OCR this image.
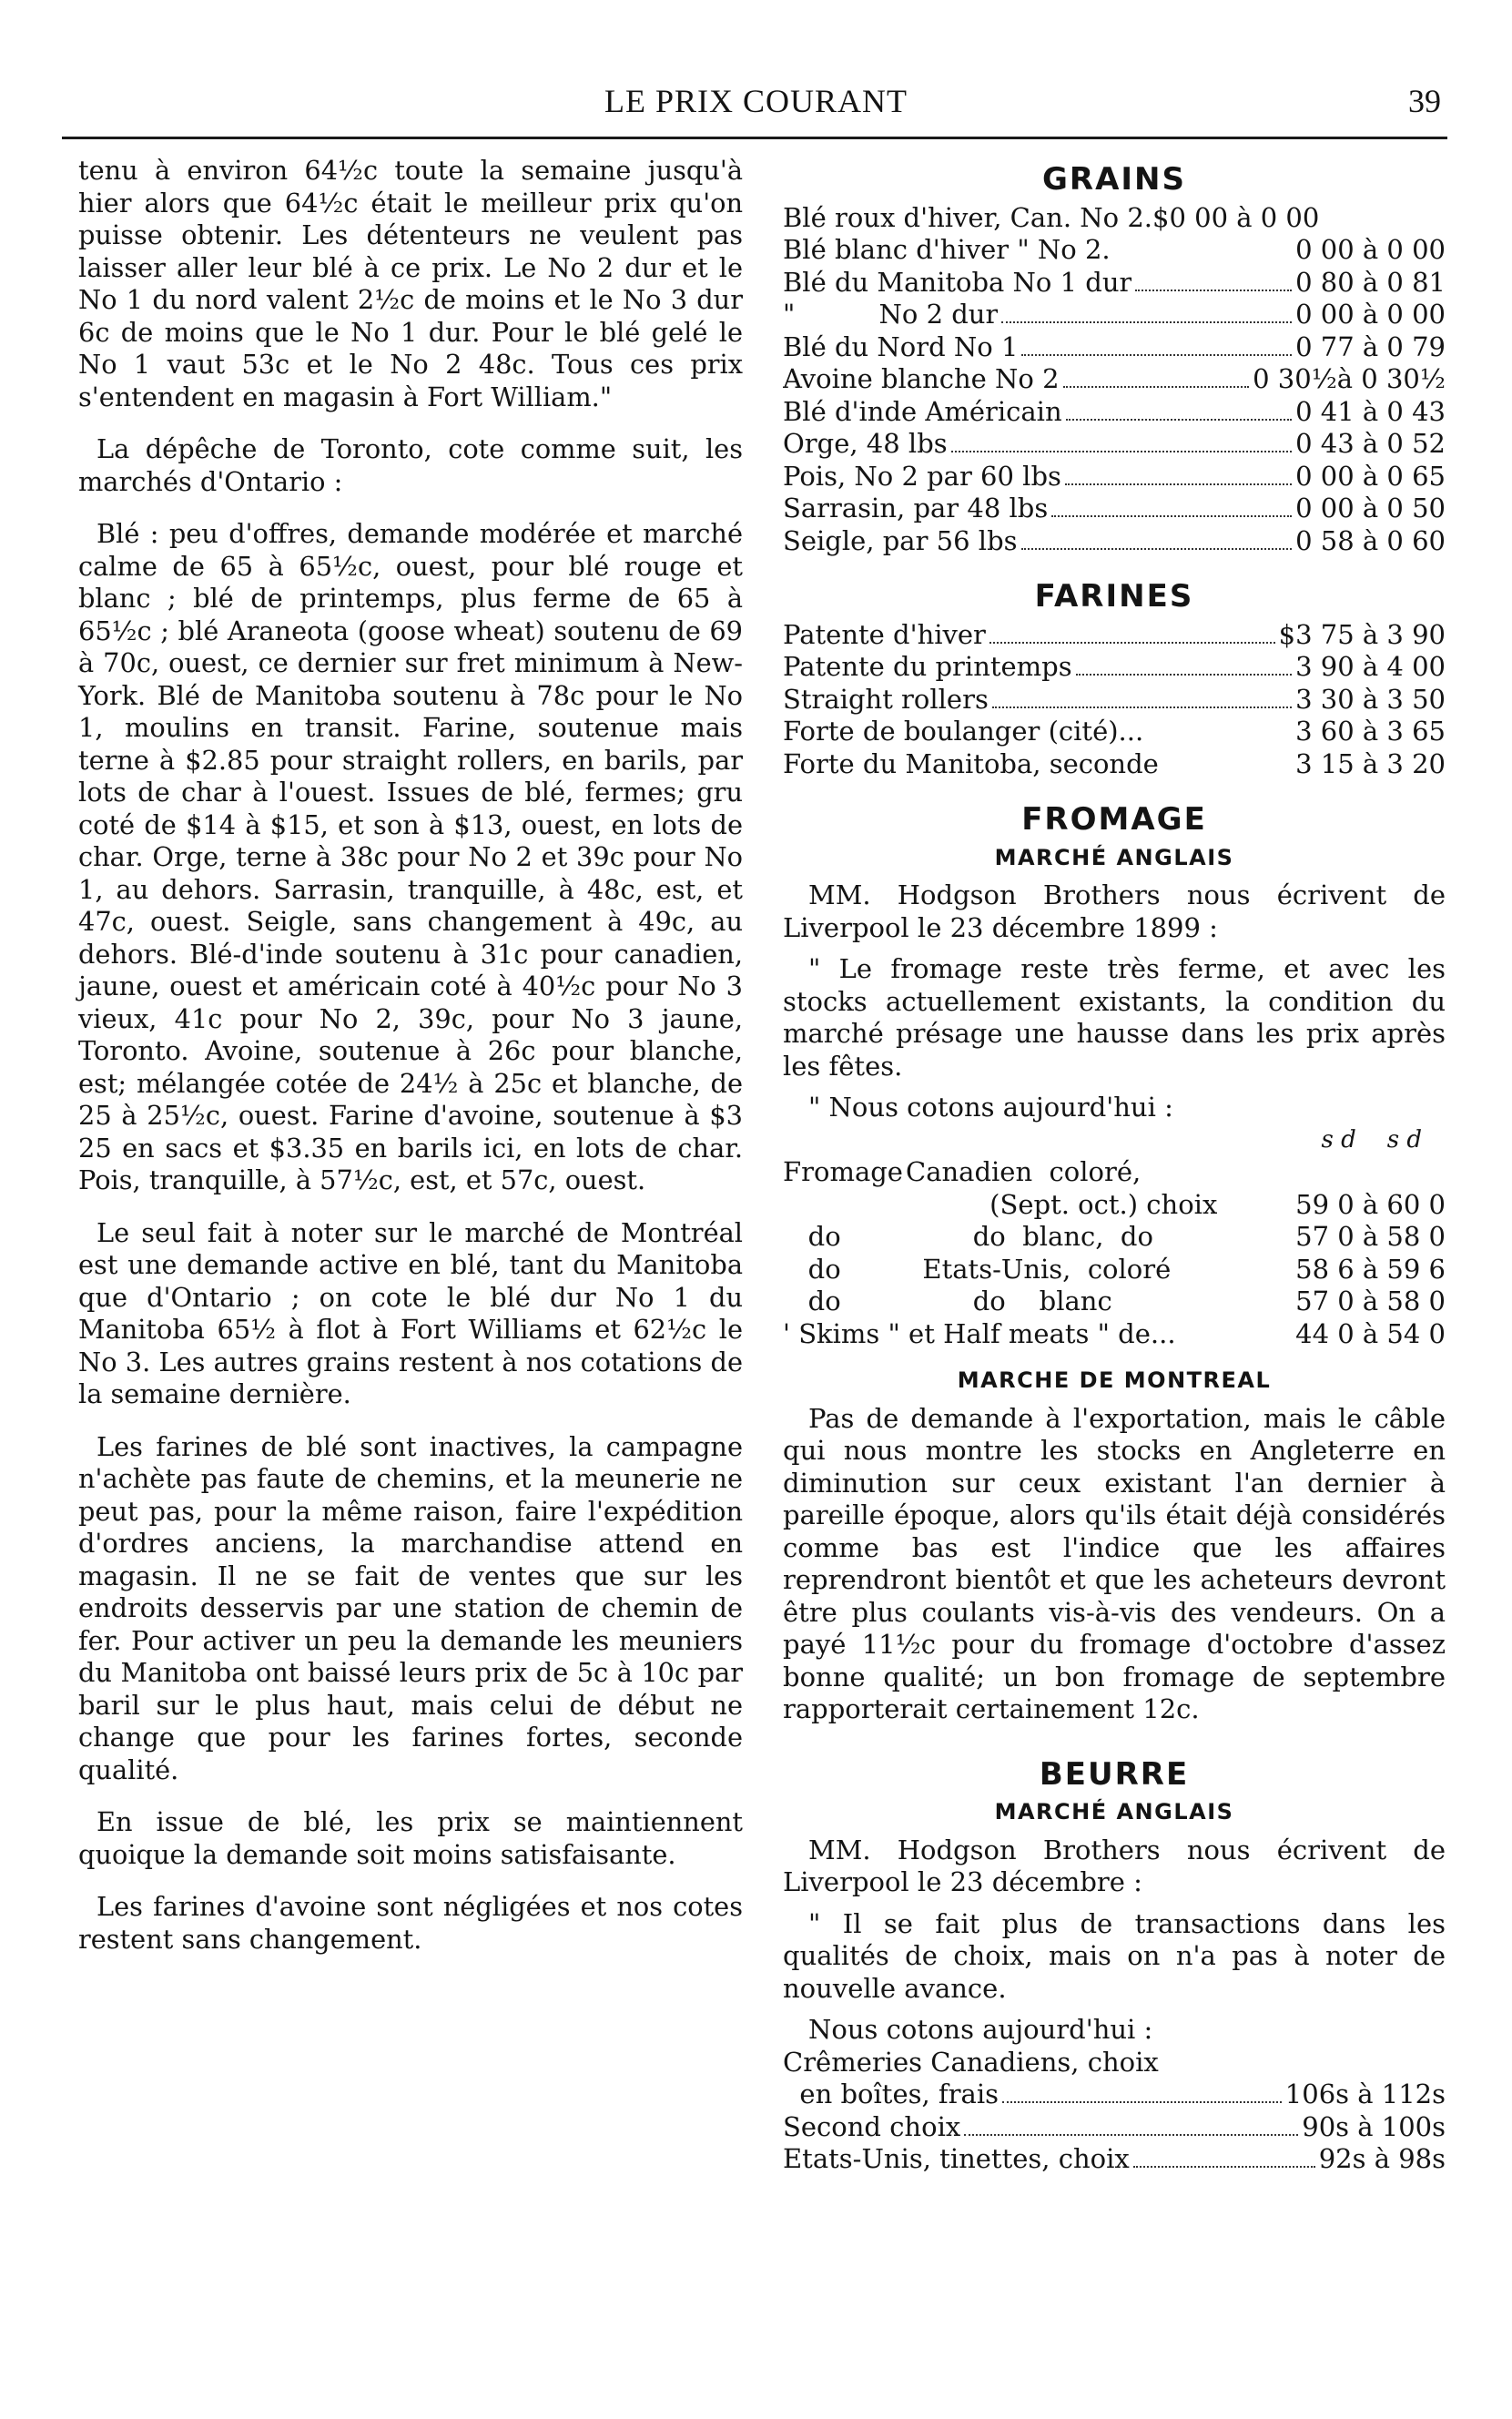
LE PRIX COURANT	39

tenu à environ 64½c toute la semaine jusqu'à hier alors que 64½c était le meilleur prix qu'on puisse obtenir. Les détenteurs ne veulent pas laisser aller leur blé à ce prix. Le No 2 dur et le No 1 du nord valent 2½c de moins et le No 3 dur 6c de moins que le No 1 dur. Pour le blé gelé le No 1 vaut 53c et le No 2 48c. Tous ces prix s'entendent en magasin à Fort William."

La dépêche de Toronto, cote comme suit, les marchés d'Ontario :

Blé : peu d'offres, demande modérée et marché calme de 65 à 65½c, ouest, pour blé rouge et blanc ; blé de printemps, plus ferme de 65 à 65½c ; blé Araneota (goose wheat) soutenu de 69 à 70c, ouest, ce dernier sur fret minimum à New-York. Blé de Manitoba soutenu à 78c pour le No 1, moulins en transit. Farine, soutenue mais terne à $2.85 pour straight rollers, en barils, par lots de char à l'ouest. Issues de blé, fermes; gru coté de $14 à $15, et son à $13, ouest, en lots de char. Orge, terne à 38c pour No 2 et 39c pour No 1, au dehors. Sarrasin, tranquille, à 48c, est, et 47c, ouest. Seigle, sans changement à 49c, au dehors. Blé-d'inde soutenu à 31c pour canadien, jaune, ouest et américain coté à 40½c pour No 3 vieux, 41c pour No 2, 39c, pour No 3 jaune, Toronto. Avoine, soutenue à 26c pour blanche, est; mélangée cotée de 24½ à 25c et blanche, de 25 à 25½c, ouest. Farine d'avoine, soutenue à $3 25 en sacs et $3.35 en barils ici, en lots de char. Pois, tranquille, à 57½c, est, et 57c, ouest.

Le seul fait à noter sur le marché de Montréal est une demande active en blé, tant du Manitoba que d'Ontario ; on cote le blé dur No 1 du Manitoba 65½ à flot à Fort Williams et 62½c le No 3. Les autres grains restent à nos cotations de la semaine dernière.

Les farines de blé sont inactives, la campagne n'achète pas faute de chemins, et la meunerie ne peut pas, pour la même raison, faire l'expédition d'ordres anciens, la marchandise attend en magasin. Il ne se fait de ventes que sur les endroits desservis par une station de chemin de fer. Pour activer un peu la demande les meuniers du Manitoba ont baissé leurs prix de 5c à 10c par baril sur le plus haut, mais celui de début ne change que pour les farines fortes, seconde qualité.

En issue de blé, les prix se maintiennent quoique la demande soit moins satisfaisante.

Les farines d'avoine sont négligées et nos cotes restent sans changement.

GRAINS
Blé roux d'hiver, Can. No 2. $0 00 à 0 00
Blé blanc d'hiver " No 2.	0 00 à 0 00
Blé du Manitoba No 1 dur	0 80 à 0 81
"          No 2 dur	0 00 à 0 00
Blé du Nord No 1	0 77 à 0 79
Avoine blanche No 2	0 30½à 0 30½
Blé d'inde Américain	0 41 à 0 43
Orge, 48 lbs	0 43 à 0 52
Pois, No 2 par 60 lbs	0 00 à 0 65
Sarrasin, par 48 lbs	0 00 à 0 50
Seigle, par 56 lbs	0 58 à 0 60
FARINES
Patente d'hiver	$3 75 à 3 90
Patente du printemps	3 90 à 4 00
Straight rollers	3 30 à 3 50
Forte de boulanger (cité)...	3 60 à 3 65
Forte du Manitoba, seconde	3 15 à 3 20
FROMAGE
MARCHÉ ANGLAIS
MM. Hodgson Brothers nous écrivent de Liverpool le 23 décembre 1899 :
" Le fromage reste très ferme, et avec les stocks actuellement existants, la condition du marché présage une hausse dans les prix après les fêtes.
" Nous cotons aujourd'hui :
s d s d
Fromage Canadien  coloré,
(Sept. oct.) choix	59 0 à 60 0
do	do  blanc,  do	57 0 à 58 0
do	Etats-Unis,  coloré	58 6 à 59 6
do	do    blanc	57 0 à 58 0
' Skims " et Half meats " de...	44 0 à 54 0
MARCHE DE MONTREAL
Pas de demande à l'exportation, mais le câble qui nous montre les stocks en Angleterre en diminution sur ceux existant l'an dernier à pareille époque, alors qu'ils était déjà considérés comme bas est l'indice que les affaires reprendront bientôt et que les acheteurs devront être plus coulants vis-à-vis des vendeurs. On a payé 11½c pour du fromage d'octobre d'assez bonne qualité; un bon fromage de septembre rapporterait certainement 12c.
BEURRE
MARCHÉ ANGLAIS
MM. Hodgson Brothers nous écrivent de Liverpool le 23 décembre :
" Il se fait plus de transactions dans les qualités de choix, mais on n'a pas à noter de nouvelle avance.
Nous cotons aujourd'hui :
Crêmeries Canadiens, choix
en boîtes, frais	106s à 112s
Second choix	90s à 100s
Etats-Unis, tinettes, choix	92s à 98s
